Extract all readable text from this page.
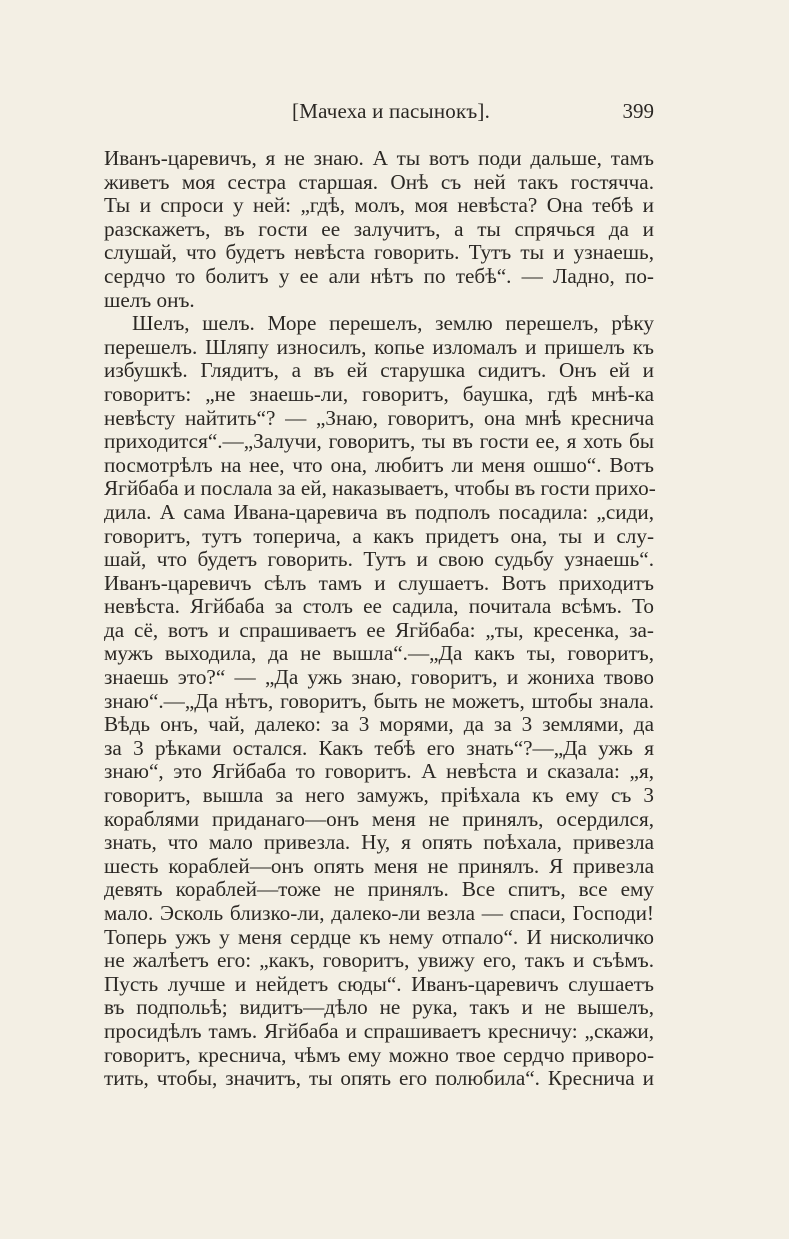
[Мачеха и пасынокъ].	399
Иванъ-царевичъ, я не знаю. А ты вотъ поди дальше, тамъ
живетъ моя сестра старшая. Онѣ съ ней такъ гостячча.
Ты и спроси у ней: „гдѣ, молъ, моя невѣста? Она тебѣ и
разскажетъ, въ гости ее залучитъ, а ты спрячься да и
слушай, что будетъ невѣста говорить. Тутъ ты и узнаешь,
сердчо то болитъ у ее али нѣтъ по тебѣ“. — Ладно, по-
шелъ онъ.
Шелъ, шелъ. Море перешелъ, землю перешелъ, рѣку
перешелъ. Шляпу износилъ, копье изломалъ и пришелъ къ
избушкѣ. Глядитъ, а въ ей старушка сидитъ. Онъ ей и
говоритъ: „не знаешь-ли, говоритъ, баушка, гдѣ мнѣ-ка
невѣсту найтить“? — „Знаю, говоритъ, она мнѣ креснича
приходится“.—„Залучи, говоритъ, ты въ гости ее, я хоть бы
посмотрѣлъ на нее, что она, любитъ ли меня ошшо“. Вотъ
Ягйбаба и послала за ей, наказываетъ, чтобы въ гости прихо-
дила. А сама Ивана-царевича въ подполъ посадила: „сиди,
говоритъ, тутъ топерича, а какъ придетъ она, ты и слу-
шай, что будетъ говорить. Тутъ и свою судьбу узнаешь“.
Иванъ-царевичъ сѣлъ тамъ и слушаетъ. Вотъ приходитъ
невѣста. Ягйбаба за столъ ее садила, почитала всѣмъ. То
да сё, вотъ и спрашиваетъ ее Ягйбаба: „ты, кресенка, за-
мужъ выходила, да не вышла“.—„Да какъ ты, говоритъ,
знаешь это?“ — „Да ужь знаю, говоритъ, и жониха твово
знаю“.—„Да нѣтъ, говоритъ, быть не можетъ, штобы знала.
Вѣдь онъ, чай, далеко: за 3 морями, да за 3 землями, да
за 3 рѣками остался. Какъ тебѣ его знать“?—„Да ужь я
знаю“, это Ягйбаба то говоритъ. А невѣста и сказала: „я,
говоритъ, вышла за него замужъ, пріѣхала къ ему съ 3
кораблями приданаго—онъ меня не принялъ, осердился,
знать, что мало привезла. Ну, я опять поѣхала, привезла
шесть кораблей—онъ опять меня не принялъ. Я привезла
девять кораблей—тоже не принялъ. Все спитъ, все ему
мало. Эсколь близко-ли, далеко-ли везла — спаси, Господи!
Топерь ужъ у меня сердце къ нему отпало“. И нисколичко
не жалѣетъ его: „какъ, говоритъ, увижу его, такъ и съѣмъ.
Пусть лучше и нейдетъ сюды“. Иванъ-царевичъ слушаетъ
въ подпольѣ; видитъ—дѣло не рука, такъ и не вышелъ,
просидѣлъ тамъ. Ягйбаба и спрашиваетъ кресничу: „скажи,
говоритъ, креснича, чѣмъ ему можно твое сердчо приворо-
тить, чтобы, значитъ, ты опять его полюбила“. Креснича и
